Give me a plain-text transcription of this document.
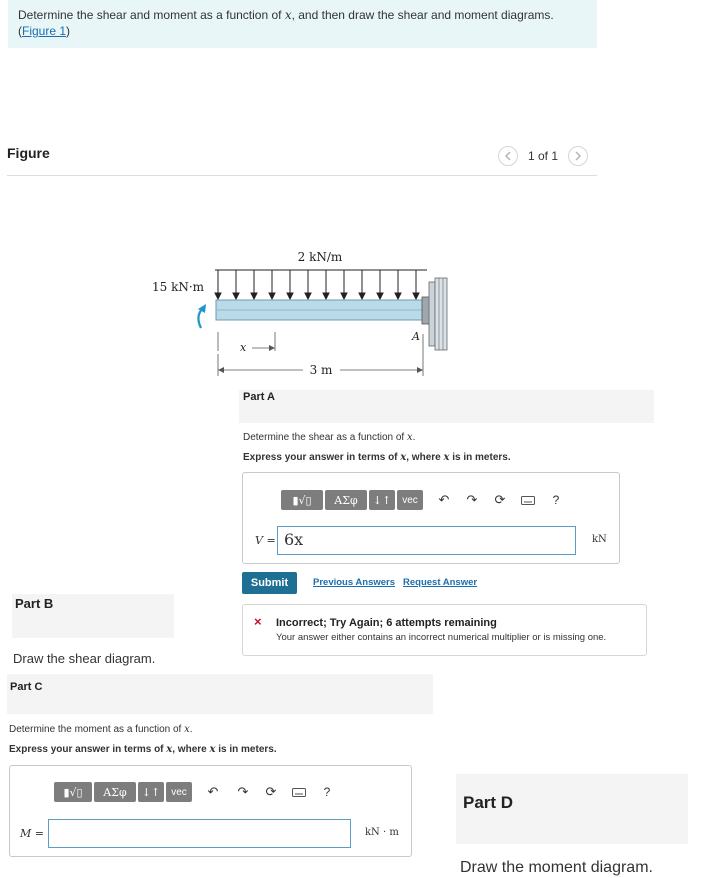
Determine the shear and moment as a function of x, and then draw the shear and moment diagrams.
(Figure 1)
Figure	1 of 1
2 kN/m
15 kN·m
A
x
3 m
Part A
Determine the shear as a function of x.
Express your answer in terms of x, where x is in meters.
▮√▯	ΑΣφ	↓↑	vec	↶	↷	⟳	?
V = 6x	kN
Submit	Previous Answers Request Answer
× Incorrect; Try Again; 6 attempts remaining
Your answer either contains an incorrect numerical multiplier or is missing one.
Part B
Draw the shear diagram.
Part C
Determine the moment as a function of x.
Express your answer in terms of x, where x is in meters.
▮√▯	ΑΣφ	↓↑	vec	↶	↷	⟳	?
M =	kN · m
Part D
Draw the moment diagram.
